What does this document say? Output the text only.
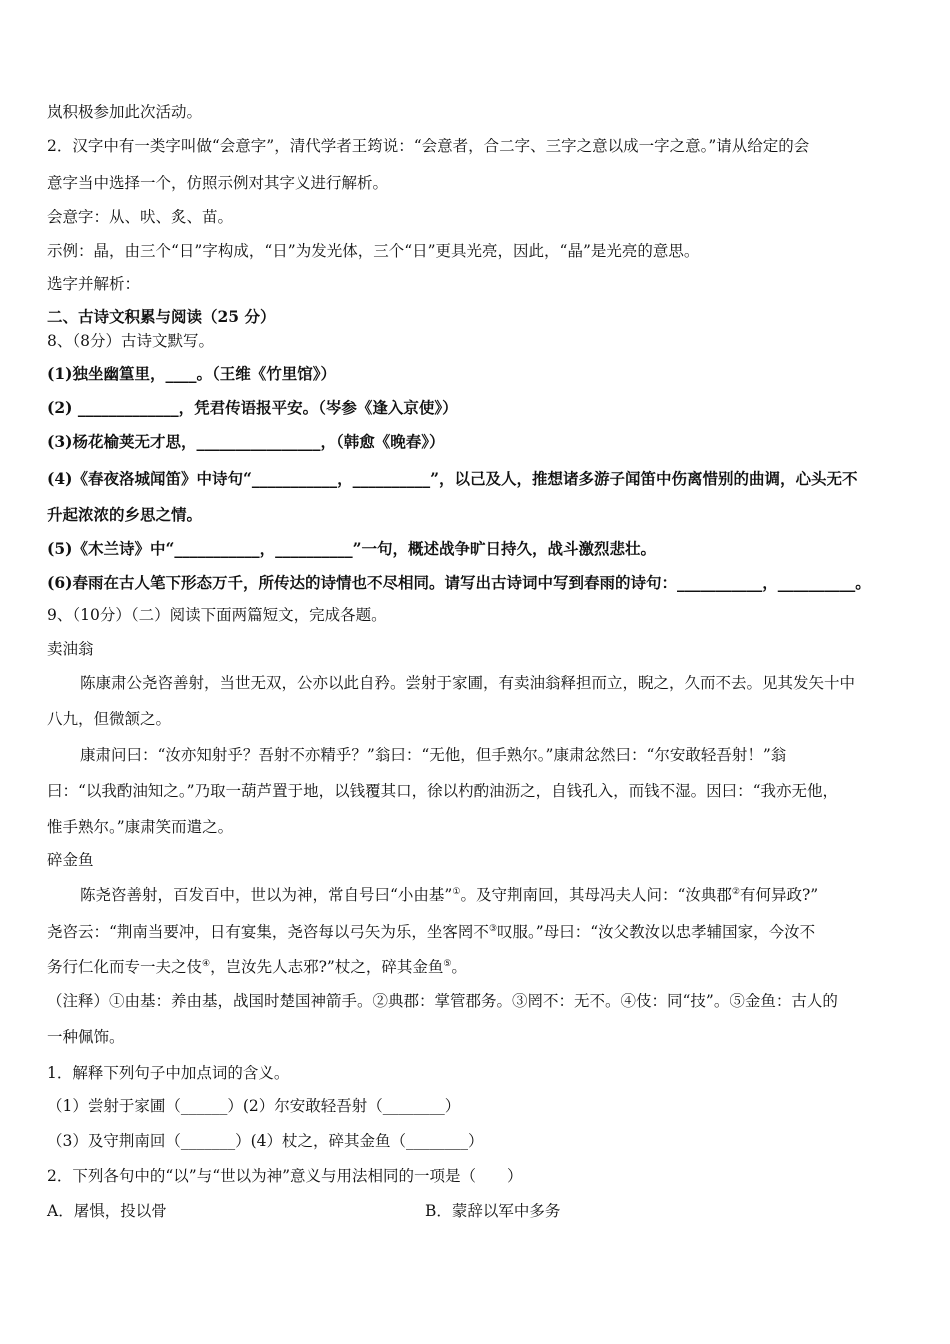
岚积极参加此次活动。
2．汉字中有一类字叫做“会意字”，清代学者王筠说：“会意者，合二字、三字之意以成一字之意。”请从给定的会
意字当中选择一个，仿照示例对其字义进行解析。
会意字：从、吠、炙、苗。
示例：晶，由三个“日”字构成，“日”为发光体，三个“日”更具光亮，因此，“晶”是光亮的意思。
选字并解析：
二、古诗文积累与阅读（25 分）
8、（8分）古诗文默写。
(1)独坐幽篁里，____。（王维《竹里馆》）
(2) _____________，凭君传语报平安。（岑参《逢入京使》）
(3)杨花榆荚无才思，________________，（韩愈《晚春》）
(4)《春夜洛城闻笛》中诗句“___________，__________”，以己及人，推想诸多游子闻笛中伤离惜别的曲调，心头无不
升起浓浓的乡思之情。
(5)《木兰诗》中“___________，__________”一句，概述战争旷日持久，战斗激烈悲壮。
(6)春雨在古人笔下形态万千，所传达的诗情也不尽相同。请写出古诗词中写到春雨的诗句：___________，__________。
9、（10分）（二）阅读下面两篇短文，完成各题。
卖油翁
陈康肃公尧咨善射，当世无双，公亦以此自矜。尝射于家圃，有卖油翁释担而立，睨之，久而不去。见其发矢十中
八九，但微颔之。
康肃问曰：“汝亦知射乎？吾射不亦精乎？”翁曰：“无他，但手熟尔。”康肃忿然曰：“尔安敢轻吾射！”翁
曰：“以我酌油知之。”乃取一葫芦置于地，以钱覆其口，徐以杓酌油沥之，自钱孔入，而钱不湿。因曰：“我亦无他，
惟手熟尔。”康肃笑而遣之。
碎金鱼
陈尧咨善射，百发百中，世以为神，常自号曰“小由基”①。及守荆南回，其母冯夫人问：“汝典郡②有何异政?”
尧咨云：“荆南当要冲，日有宴集，尧咨每以弓矢为乐，坐客罔不③叹服。”母曰：“汝父教汝以忠孝辅国家，今汝不
务行仁化而专一夫之伎④，岂汝先人志邪?”杖之，碎其金鱼⑤。
（注释）①由基：养由基，战国时楚国神箭手。②典郡：掌管郡务。③罔不：无不。④伎：同“技”。⑤金鱼：古人的
一种佩饰。
1．解释下列句子中加点词的含义。
（1）尝射于家圃（______）(2）尔安敢轻吾射（________）
（3）及守荆南回（_______）(4）杖之，碎其金鱼（________）
2．下列各句中的“以”与“世以为神”意义与用法相同的一项是（　　）
A．屠惧，投以骨	B．蒙辞以军中多务
